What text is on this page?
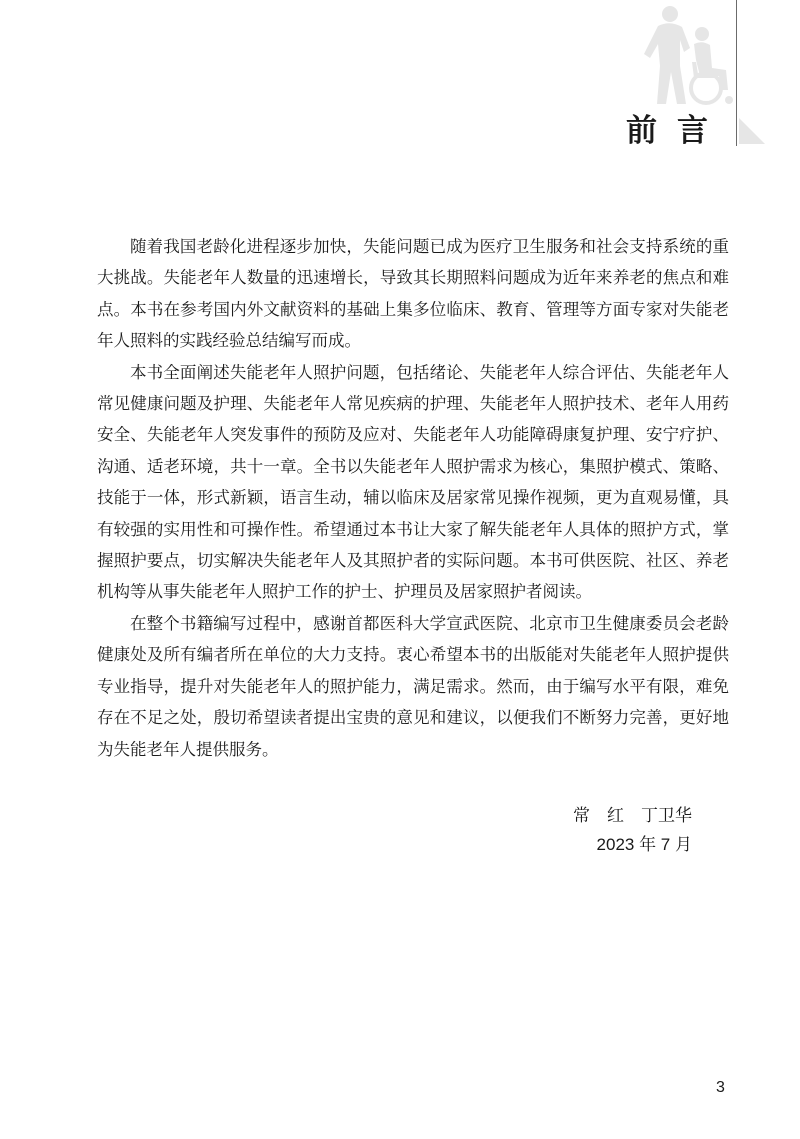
前言

随着我国老龄化进程逐步加快，失能问题已成为医疗卫生服务和社会支持系统的重大挑战。失能老年人数量的迅速增长，导致其长期照料问题成为近年来养老的焦点和难点。本书在参考国内外文献资料的基础上集多位临床、教育、管理等方面专家对失能老年人照料的实践经验总结编写而成。

本书全面阐述失能老年人照护问题，包括绪论、失能老年人综合评估、失能老年人常见健康问题及护理、失能老年人常见疾病的护理、失能老年人照护技术、老年人用药安全、失能老年人突发事件的预防及应对、失能老年人功能障碍康复护理、安宁疗护、沟通、适老环境，共十一章。全书以失能老年人照护需求为核心，集照护模式、策略、技能于一体，形式新颖，语言生动，辅以临床及居家常见操作视频，更为直观易懂，具有较强的实用性和可操作性。希望通过本书让大家了解失能老年人具体的照护方式，掌握照护要点，切实解决失能老年人及其照护者的实际问题。本书可供医院、社区、养老机构等从事失能老年人照护工作的护士、护理员及居家照护者阅读。

在整个书籍编写过程中，感谢首都医科大学宣武医院、北京市卫生健康委员会老龄健康处及所有编者所在单位的大力支持。衷心希望本书的出版能对失能老年人照护提供专业指导，提升对失能老年人的照护能力，满足需求。然而，由于编写水平有限，难免存在不足之处，殷切希望读者提出宝贵的意见和建议，以便我们不断努力完善，更好地为失能老年人提供服务。

常　红　丁卫华
2023 年 7 月
3
